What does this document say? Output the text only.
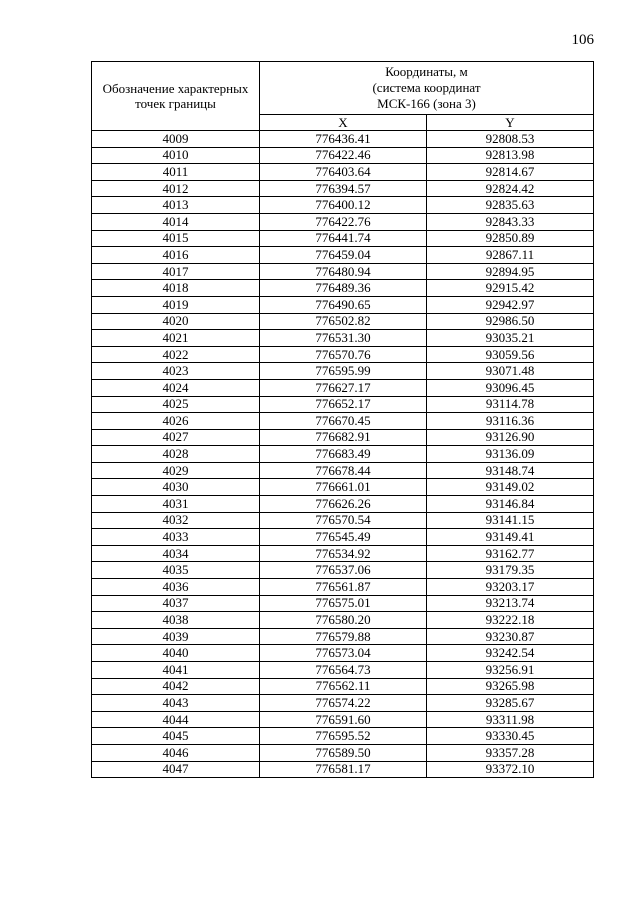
106
Обозначение характерных точек границы	Координаты, м
(система координат
МСК-166 (зона 3)	
	X	Y
4009	776436.41	92808.53
4010	776422.46	92813.98
4011	776403.64	92814.67
4012	776394.57	92824.42
4013	776400.12	92835.63
4014	776422.76	92843.33
4015	776441.74	92850.89
4016	776459.04	92867.11
4017	776480.94	92894.95
4018	776489.36	92915.42
4019	776490.65	92942.97
4020	776502.82	92986.50
4021	776531.30	93035.21
4022	776570.76	93059.56
4023	776595.99	93071.48
4024	776627.17	93096.45
4025	776652.17	93114.78
4026	776670.45	93116.36
4027	776682.91	93126.90
4028	776683.49	93136.09
4029	776678.44	93148.74
4030	776661.01	93149.02
4031	776626.26	93146.84
4032	776570.54	93141.15
4033	776545.49	93149.41
4034	776534.92	93162.77
4035	776537.06	93179.35
4036	776561.87	93203.17
4037	776575.01	93213.74
4038	776580.20	93222.18
4039	776579.88	93230.87
4040	776573.04	93242.54
4041	776564.73	93256.91
4042	776562.11	93265.98
4043	776574.22	93285.67
4044	776591.60	93311.98
4045	776595.52	93330.45
4046	776589.50	93357.28
4047	776581.17	93372.10
